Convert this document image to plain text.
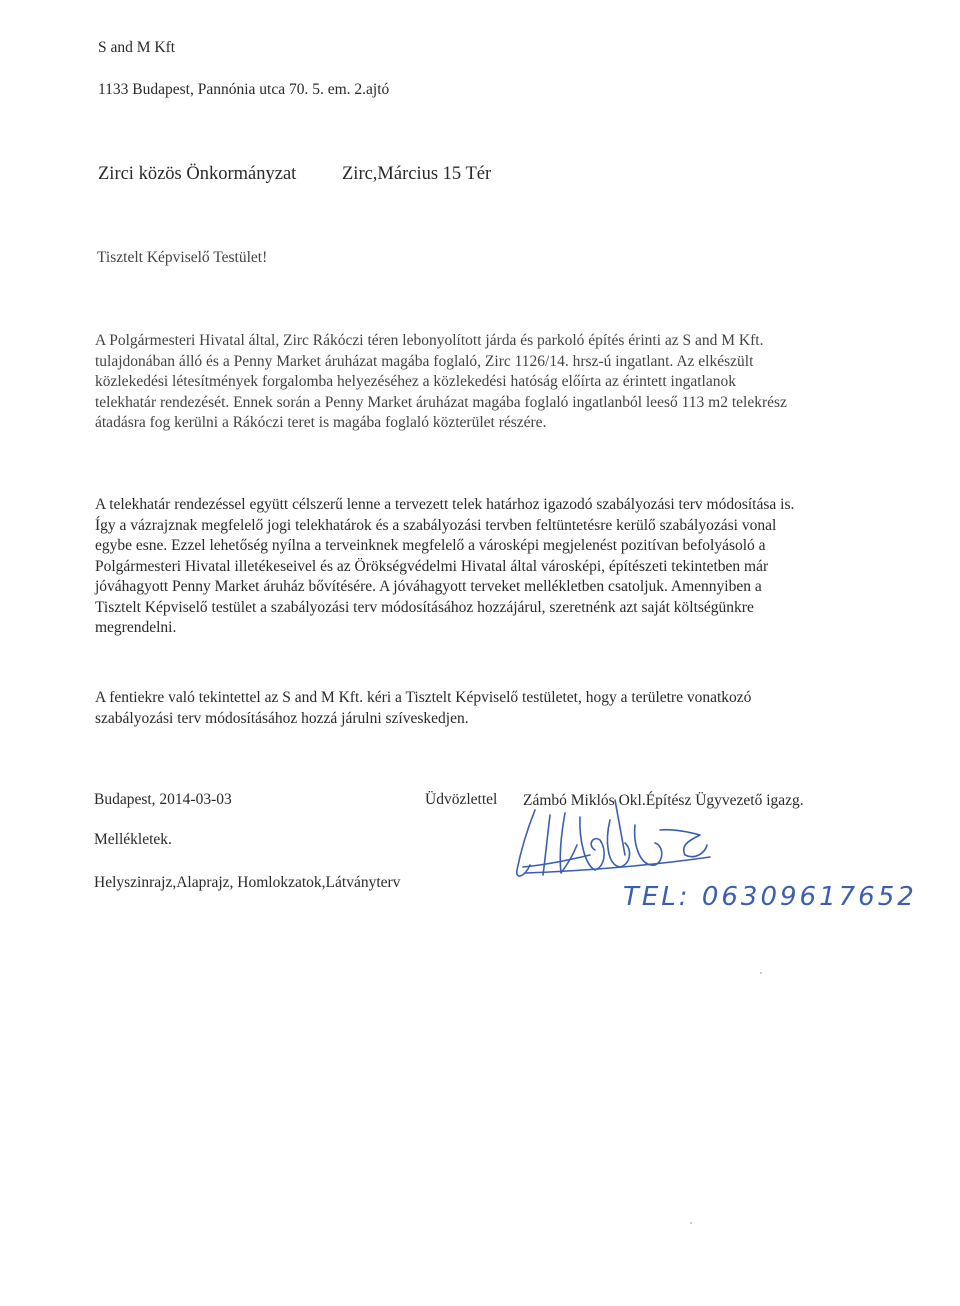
S and M Kft
1133 Budapest, Pannónia utca 70. 5. em. 2.ajtó
Zirci közös Önkormányzat Zirc,Március 15 Tér
Tisztelt Képviselő Testület!
A Polgármesteri Hivatal által, Zirc Rákóczi téren lebonyolított járda és parkoló építés érinti az S and M Kft.
tulajdonában álló és a Penny Market áruházat magába foglaló, Zirc 1126/14. hrsz-ú ingatlant. Az elkészült
közlekedési létesítmények forgalomba helyezéséhez a közlekedési hatóság előírta az érintett ingatlanok
telekhatár rendezését. Ennek során a Penny Market áruházat magába foglaló ingatlanból leeső 113 m2 telekrész
átadásra fog kerülni a Rákóczi teret is magába foglaló közterület részére.
A telekhatár rendezéssel együtt célszerű lenne a tervezett telek határhoz igazodó szabályozási terv módosítása is.
Így a vázrajznak megfelelő jogi telekhatárok és a szabályozási tervben feltüntetésre kerülő szabályozási vonal
egybe esne. Ezzel lehetőség nyílna a terveinknek megfelelő a városképi megjelenést pozitívan befolyásoló a
Polgármesteri Hivatal illetékeseivel és az Örökségvédelmi Hivatal által városképi, építészeti tekintetben már
jóváhagyott Penny Market áruház bővítésére. A jóváhagyott terveket mellékletben csatoljuk. Amennyiben a
Tisztelt Képviselő testület a szabályozási terv módosításához hozzájárul, szeretnénk azt saját költségünkre
megrendelni.
A fentiekre való tekintettel az S and M Kft. kéri a Tisztelt Képviselő testületet, hogy a területre vonatkozó
szabályozási terv módosításához hozzá járulni szíveskedjen.
Budapest, 2014-03-03	Üdvözlettel Zámbó Miklós Okl.Építész Ügyvezető igazg.
Mellékletek.
Helyszinrajz,Alaprajz, Homlokzatok,Látványterv	TEL: 06309617652
